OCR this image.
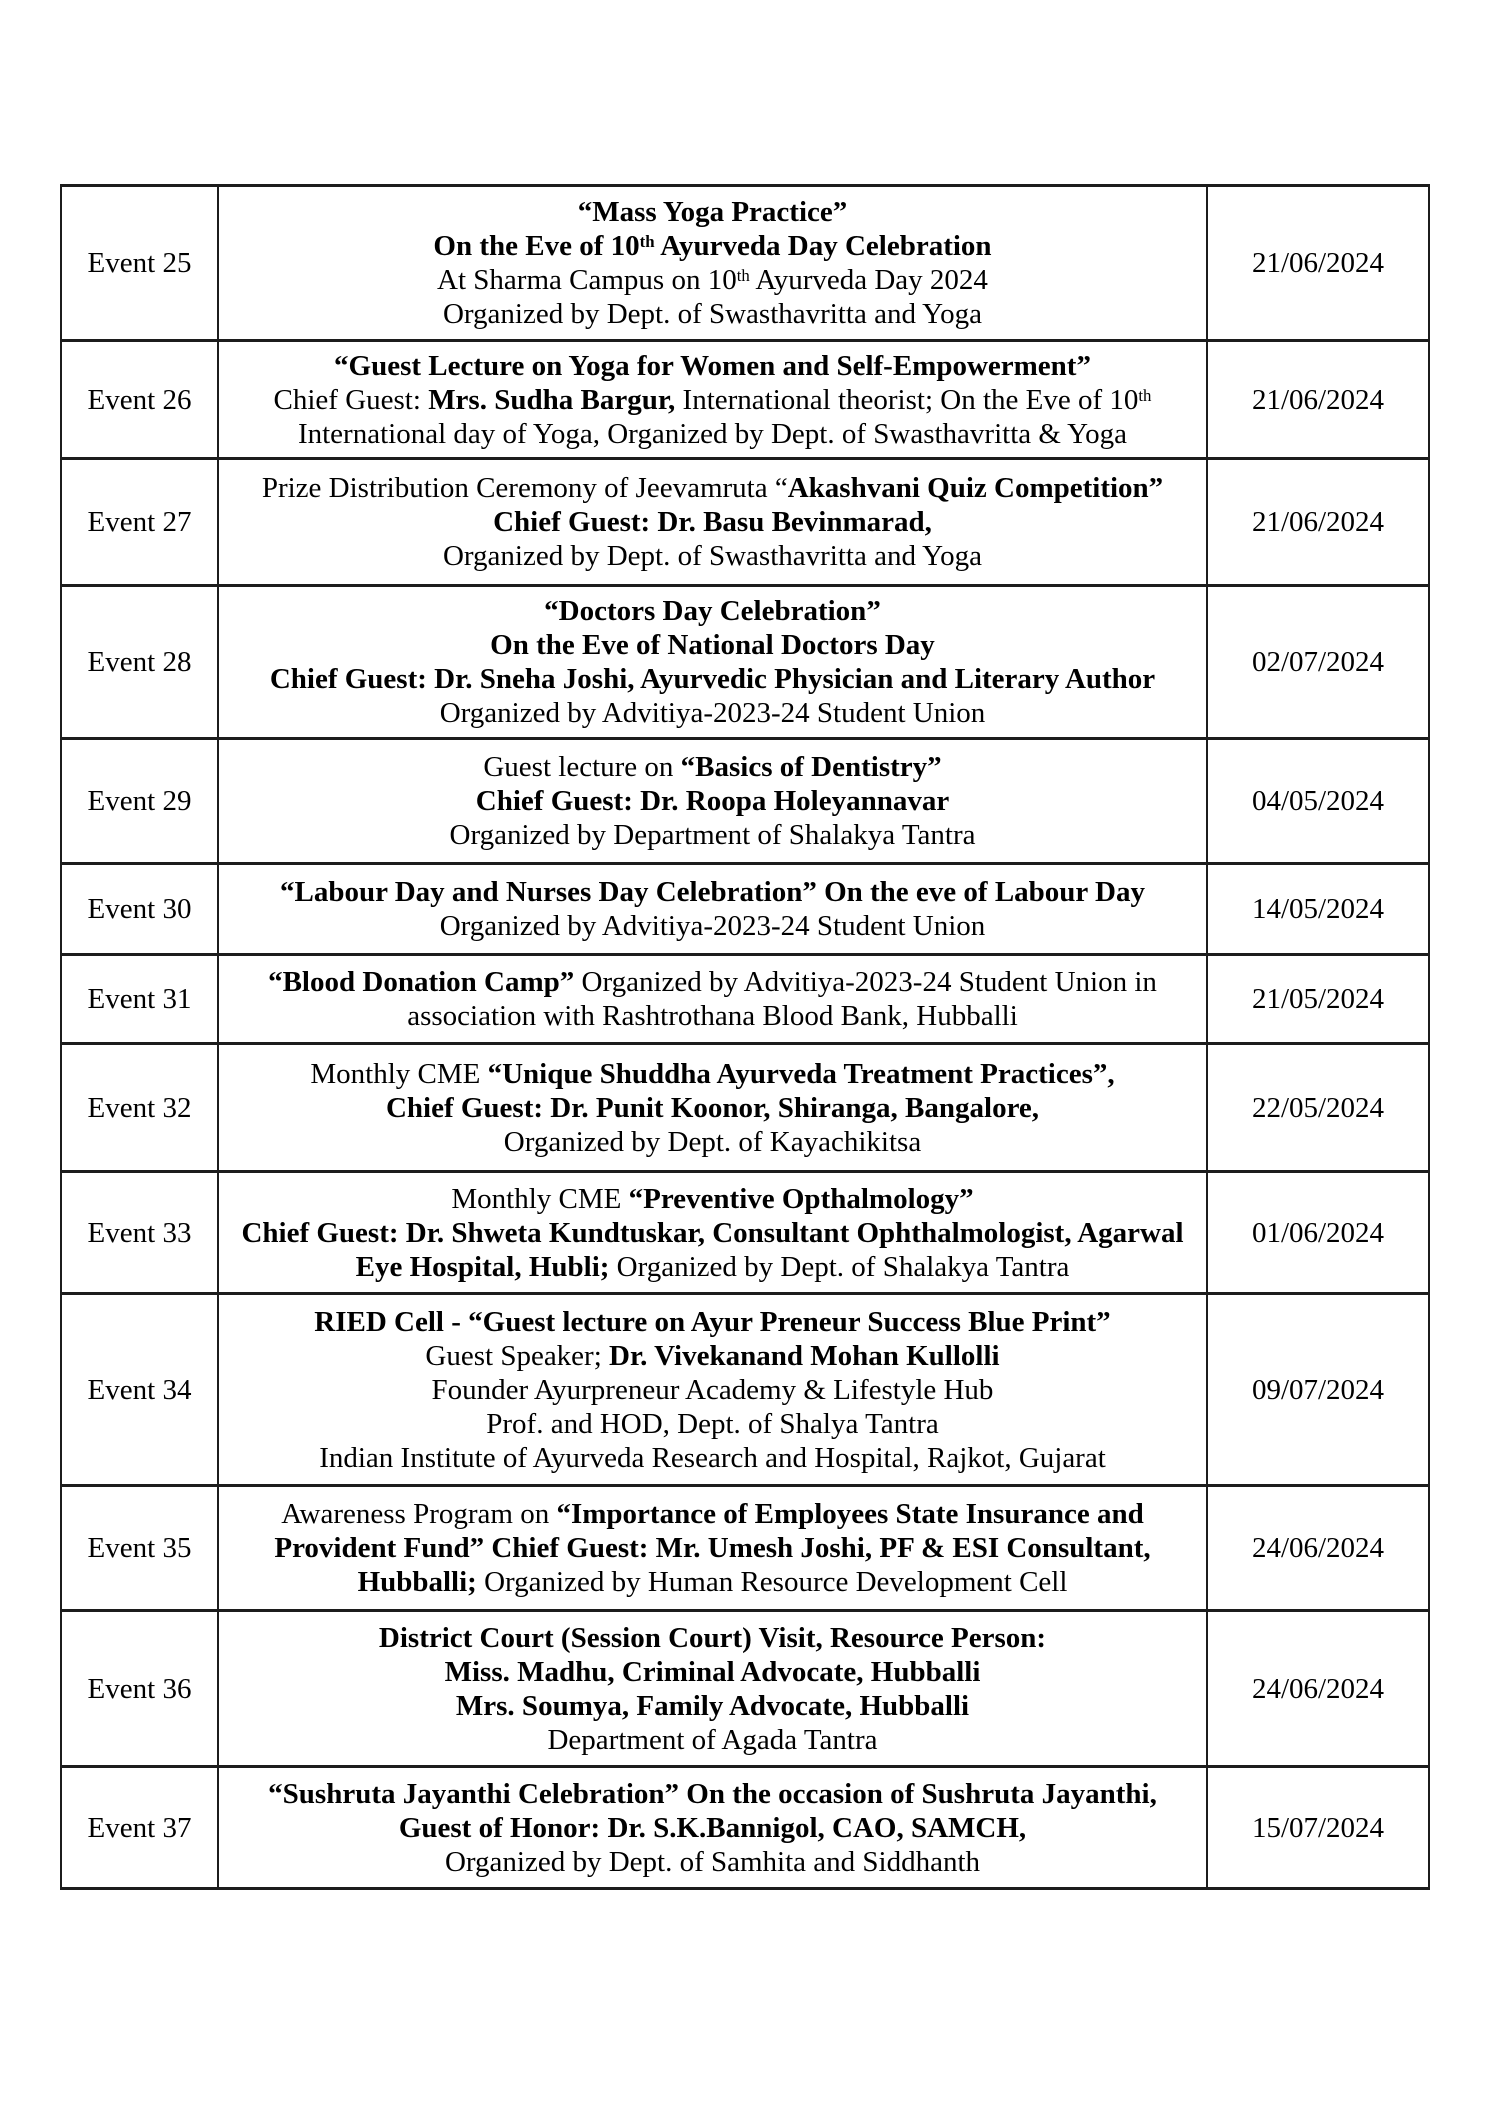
Event 25	“Mass Yoga Practice”
On the Eve of 10th Ayurveda Day Celebration
At Sharma Campus on 10th Ayurveda Day 2024
Organized by Dept. of Swasthavritta and Yoga	21/06/2024
Event 26	“Guest Lecture on Yoga for Women and Self-Empowerment”
Chief Guest: Mrs. Sudha Bargur, International theorist; On the Eve of 10th
International day of Yoga, Organized by Dept. of Swasthavritta & Yoga	21/06/2024
Event 27	Prize Distribution Ceremony of Jeevamruta “Akashvani Quiz Competition”
Chief Guest: Dr. Basu Bevinmarad,
Organized by Dept. of Swasthavritta and Yoga	21/06/2024
Event 28	“Doctors Day Celebration”
On the Eve of National Doctors Day
Chief Guest: Dr. Sneha Joshi, Ayurvedic Physician and Literary Author
Organized by Advitiya-2023-24 Student Union	02/07/2024
Event 29	Guest lecture on “Basics of Dentistry”
Chief Guest: Dr. Roopa Holeyannavar
Organized by Department of Shalakya Tantra	04/05/2024
Event 30	“Labour Day and Nurses Day Celebration” On the eve of Labour Day
Organized by Advitiya-2023-24 Student Union	14/05/2024
Event 31	“Blood Donation Camp” Organized by Advitiya-2023-24 Student Union in
association with Rashtrothana Blood Bank, Hubballi	21/05/2024
Event 32	Monthly CME “Unique Shuddha Ayurveda Treatment Practices”,
Chief Guest: Dr. Punit Koonor, Shiranga, Bangalore,
Organized by Dept. of Kayachikitsa	22/05/2024
Event 33	Monthly CME “Preventive Opthalmology”
Chief Guest: Dr. Shweta Kundtuskar, Consultant Ophthalmologist, Agarwal
Eye Hospital, Hubli; Organized by Dept. of Shalakya Tantra	01/06/2024
Event 34	RIED Cell - “Guest lecture on Ayur Preneur Success Blue Print”
Guest Speaker; Dr. Vivekanand Mohan Kullolli
Founder Ayurpreneur Academy & Lifestyle Hub
Prof. and HOD, Dept. of Shalya Tantra
Indian Institute of Ayurveda Research and Hospital, Rajkot, Gujarat	09/07/2024
Event 35	Awareness Program on “Importance of Employees State Insurance and
Provident Fund” Chief Guest: Mr. Umesh Joshi, PF & ESI Consultant,
Hubballi; Organized by Human Resource Development Cell	24/06/2024
Event 36	District Court (Session Court) Visit, Resource Person:
Miss. Madhu, Criminal Advocate, Hubballi
Mrs. Soumya, Family Advocate, Hubballi
Department of Agada Tantra	24/06/2024
Event 37	“Sushruta Jayanthi Celebration” On the occasion of Sushruta Jayanthi,
Guest of Honor: Dr. S.K.Bannigol, CAO, SAMCH,
Organized by Dept. of Samhita and Siddhanth	15/07/2024
